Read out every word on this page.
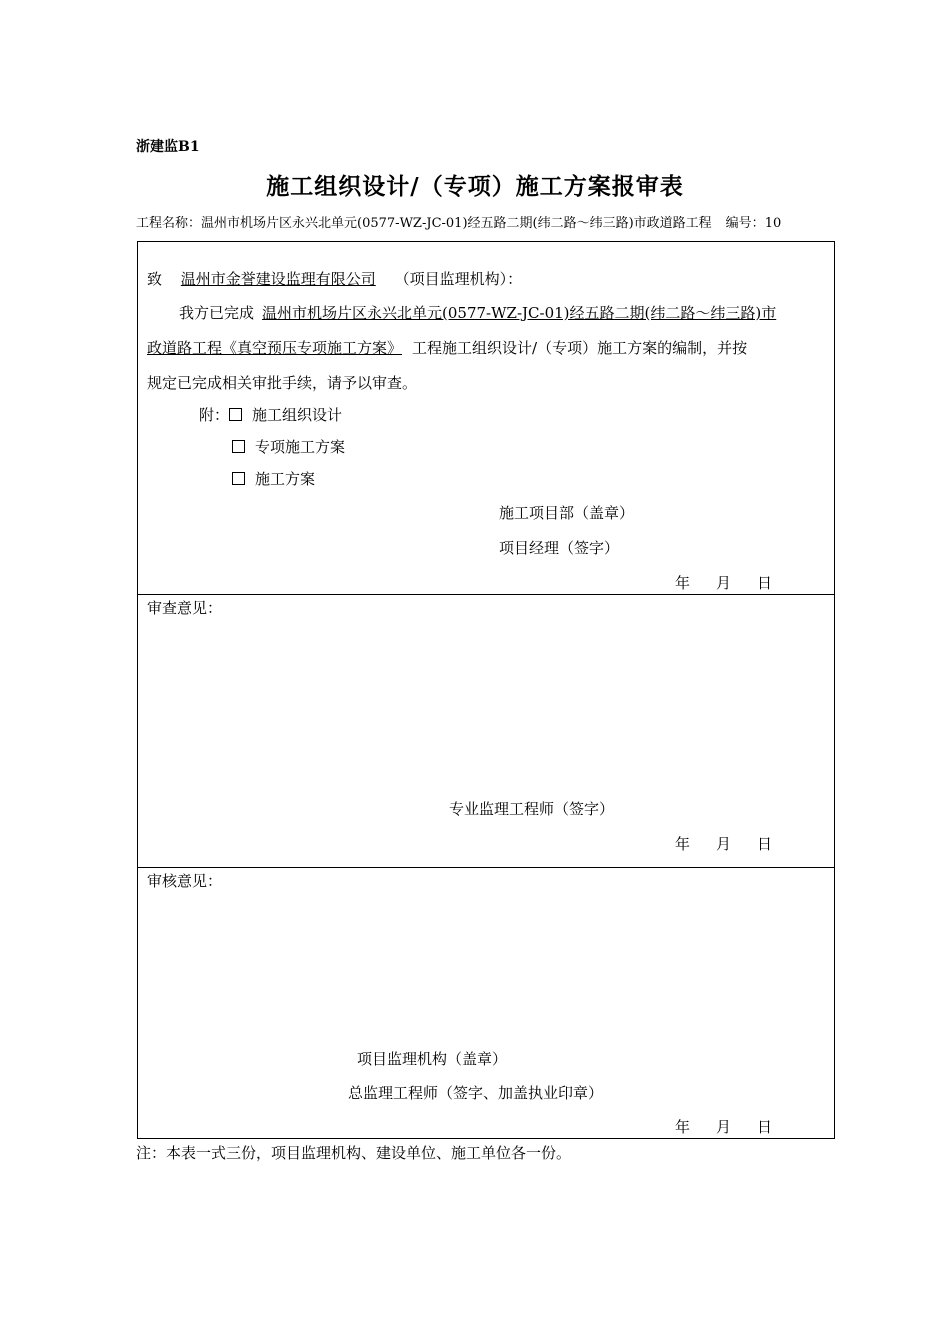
浙建监B1
施工组织设计/（专项）施工方案报审表
工程名称：温州市机场片区永兴北单元(0577-WZ-JC-01)经五路二期(纬二路～纬三路)市政道路工程 编号：10
致 温州市金誉建设监理有限公司 （项目监理机构）：
我方已完成 温州市机场片区永兴北单元(0577-WZ-JC-01)经五路二期(纬二路～纬三路)市
政道路工程《真空预压专项施工方案》 工程施工组织设计/（专项）施工方案的编制，并按
规定已完成相关审批手续，请予以审查。
附： 施工组织设计
专项施工方案
施工方案
施工项目部（盖章）
项目经理（签字）
年 月 日
审查意见：
专业监理工程师（签字）
年 月 日
审核意见：
项目监理机构（盖章）
总监理工程师（签字、加盖执业印章）
年 月 日
注：本表一式三份，项目监理机构、建设单位、施工单位各一份。
